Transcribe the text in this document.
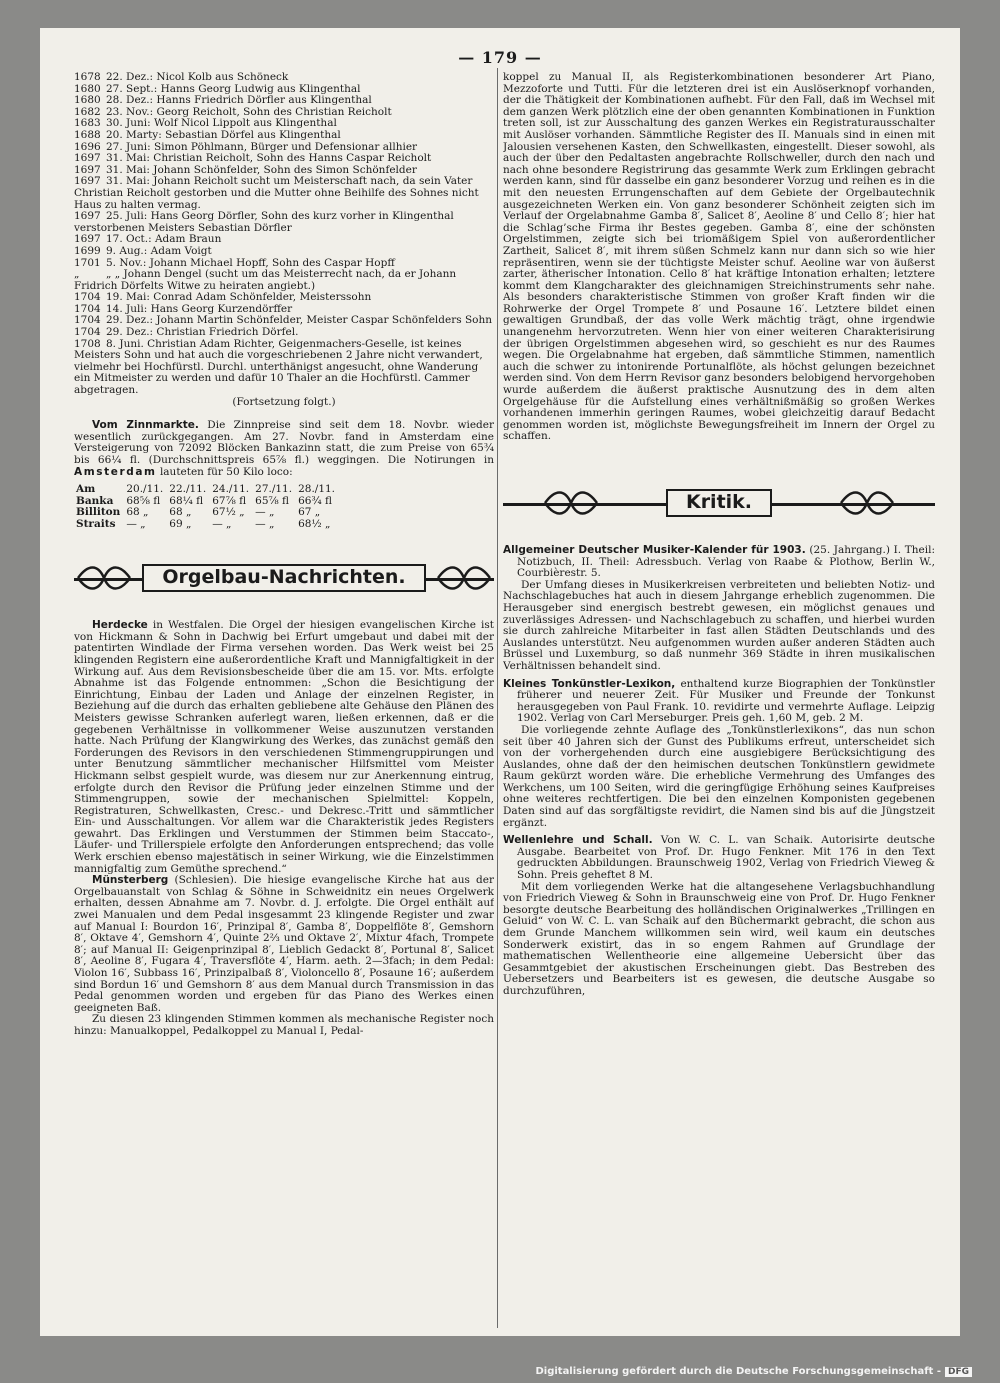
— 179 —
1678 22. Dez.: Nicol Kolb aus Schöneck
1680 27. Sept.: Hanns Georg Ludwig aus Klingenthal
1680 28. Dez.: Hanns Friedrich Dörfler aus Klingenthal
1682 23. Nov.: Georg Reicholt, Sohn des Christian Reicholt
1683 30. Juni: Wolf Nicol Lippolt aus Klingenthal
1688 20. Marty: Sebastian Dörfel aus Klingenthal
1696 27. Juni: Simon Pöhlmann, Bürger und Defensionar allhier
1697 31. Mai: Christian Reicholt, Sohn des Hanns Caspar Reicholt
1697 31. Mai: Johann Schönfelder, Sohn des Simon Schönfelder
1697 31. Mai: Johann Reicholt sucht um Meisterschaft nach, da sein Vater Christian Reicholt gestorben und die Mutter ohne Beihilfe des Sohnes nicht Haus zu halten vermag.
1697 25. Juli: Hans Georg Dörfler, Sohn des kurz vorher in Klingenthal verstorbenen Meisters Sebastian Dörfler
1697 17. Oct.: Adam Braun
1699 9. Aug.: Adam Voigt
1701 5. Nov.: Johann Michael Hopff, Sohn des Caspar Hopff
„	„ „ Johann Dengel (sucht um das Meisterrecht nach, da er Johann Fridrich Dörfelts Witwe zu heiraten angiebt.)
1704 19. Mai: Conrad Adam Schönfelder, Meisterssohn
1704 14. Juli: Hans Georg Kurzendörffer
1704 29. Dez.: Johann Martin Schönfelder, Meister Caspar Schönfelders Sohn
1704 29. Dez.: Christian Friedrich Dörfel.
1708 8. Juni. Christian Adam Richter, Geigenmachers-Geselle, ist keines Meisters Sohn und hat auch die vorgeschriebenen 2 Jahre nicht verwandert, vielmehr bei Hochfürstl. Durchl. unterthänigst angesucht, ohne Wanderung ein Mitmeister zu werden und dafür 10 Thaler an die Hochfürstl. Cammer abgetragen.

(Fortsetzung folgt.)

Vom Zinnmarkte. Die Zinnpreise sind seit dem 18. Novbr. wieder wesentlich zurückgegangen. Am 27. Novbr. fand in Amsterdam eine Versteigerung von 72092 Blöcken Bankazinn statt, die zum Preise von 65¾ bis 66¼ fl. (Durchschnittspreis 65⅞ fl.) weggingen. Die Notirungen in Amsterdam lauteten für 50 Kilo loco:

Am	20./11.	22./11.	24./11.	27./11.	28./11.
Banka	68⅝ fl	68¼ fl	67⅞ fl	65⅞ fl	66¾ fl
Billiton	68 „	68 „	67½ „	— „	67 „
Straits	— „	69 „	— „	— „	68½ „
Orgelbau-Nachrichten.

Herdecke in Westfalen. Die Orgel der hiesigen evangelischen Kirche ist von Hickmann & Sohn in Dachwig bei Erfurt umgebaut und dabei mit der patentirten Windlade der Firma versehen worden. Das Werk weist bei 25 klingenden Registern eine außerordentliche Kraft und Mannigfaltigkeit in der Wirkung auf. Aus dem Revisionsbescheide über die am 15. vor. Mts. erfolgte Abnahme ist das Folgende entnommen: „Schon die Besichtigung der Einrichtung, Einbau der Laden und Anlage der einzelnen Register, in Beziehung auf die durch das erhalten gebliebene alte Gehäuse den Plänen des Meisters gewisse Schranken auferlegt waren, ließen erkennen, daß er die gegebenen Verhältnisse in vollkommener Weise auszunutzen verstanden hatte. Nach Prüfung der Klangwirkung des Werkes, das zunächst gemäß den Forderungen des Revisors in den verschiedenen Stimmengruppirungen und unter Benutzung sämmtlicher mechanischer Hilfsmittel vom Meister Hickmann selbst gespielt wurde, was diesem nur zur Anerkennung eintrug, erfolgte durch den Revisor die Prüfung jeder einzelnen Stimme und der Stimmengruppen, sowie der mechanischen Spielmittel: Koppeln, Registraturen, Schwellkasten, Cresc.- und Dekresc.-Tritt und sämmtlicher Ein- und Ausschaltungen. Vor allem war die Charakteristik jedes Registers gewahrt. Das Erklingen und Verstummen der Stimmen beim Staccato-, Läufer- und Trillerspiele erfolgte den Anforderungen entsprechend; das volle Werk erschien ebenso majestätisch in seiner Wirkung, wie die Einzelstimmen mannigfaltig zum Gemüthe sprechend.“

Münsterberg (Schlesien). Die hiesige evangelische Kirche hat aus der Orgelbauanstalt von Schlag & Söhne in Schweidnitz ein neues Orgelwerk erhalten, dessen Abnahme am 7. Novbr. d. J. erfolgte. Die Orgel enthält auf zwei Manualen und dem Pedal insgesammt 23 klingende Register und zwar auf Manual I: Bourdon 16′, Prinzipal 8′, Gamba 8′, Doppelflöte 8′, Gemshorn 8′, Oktave 4′, Gemshorn 4′, Quinte 2⅔ und Oktave 2′, Mixtur 4fach, Trompete 8′; auf Manual II: Geigenprinzipal 8′, Lieblich Gedackt 8′, Portunal 8′, Salicet 8′, Aeoline 8′, Fugara 4′, Traversflöte 4′, Harm. aeth. 2—3fach; in dem Pedal: Violon 16′, Subbass 16′, Prinzipalbaß 8′, Violoncello 8′, Posaune 16′; außerdem sind Bordun 16′ und Gemshorn 8′ aus dem Manual durch Transmission in das Pedal genommen worden und ergeben für das Piano des Werkes einen geeigneten Baß.

Zu diesen 23 klingenden Stimmen kommen als mechanische Register noch hinzu: Manualkoppel, Pedalkoppel zu Manual I, Pedal-

koppel zu Manual II, als Registerkombinationen besonderer Art Piano, Mezzoforte und Tutti. Für die letzteren drei ist ein Auslöserknopf vorhanden, der die Thätigkeit der Kombinationen aufhebt. Für den Fall, daß im Wechsel mit dem ganzen Werk plötzlich eine der oben genannten Kombinationen in Funktion treten soll, ist zur Ausschaltung des ganzen Werkes ein Registraturausschalter mit Auslöser vorhanden. Sämmtliche Register des II. Manuals sind in einen mit Jalousien versehenen Kasten, den Schwellkasten, eingestellt. Dieser sowohl, als auch der über den Pedaltasten angebrachte Rollschweller, durch den nach und nach ohne besondere Registrirung das gesammte Werk zum Erklingen gebracht werden kann, sind für dasselbe ein ganz besonderer Vorzug und reihen es in die mit den neuesten Errungenschaften auf dem Gebiete der Orgelbautechnik ausgezeichneten Werken ein. Von ganz besonderer Schönheit zeigten sich im Verlauf der Orgelabnahme Gamba 8′, Salicet 8′, Aeoline 8′ und Cello 8′; hier hat die Schlag’sche Firma ihr Bestes gegeben. Gamba 8′, eine der schönsten Orgelstimmen, zeigte sich bei triomäßigem Spiel von außerordentlicher Zartheit, Salicet 8′, mit ihrem süßen Schmelz kann nur dann sich so wie hier repräsentiren, wenn sie der tüchtigste Meister schuf. Aeoline war von äußerst zarter, ätherischer Intonation. Cello 8′ hat kräftige Intonation erhalten; letztere kommt dem Klangcharakter des gleichnamigen Streichinstruments sehr nahe. Als besonders charakteristische Stimmen von großer Kraft finden wir die Rohrwerke der Orgel Trompete 8′ und Posaune 16′. Letztere bildet einen gewaltigen Grundbaß, der das volle Werk mächtig trägt, ohne irgendwie unangenehm hervorzutreten. Wenn hier von einer weiteren Charakterisirung der übrigen Orgelstimmen abgesehen wird, so geschieht es nur des Raumes wegen. Die Orgelabnahme hat ergeben, daß sämmtliche Stimmen, namentlich auch die schwer zu intonirende Portunalflöte, als höchst gelungen bezeichnet werden sind. Von dem Herrn Revisor ganz besonders belobigend hervorgehoben wurde außerdem die äußerst praktische Ausnutzung des in dem alten Orgelgehäuse für die Aufstellung eines verhältnißmäßig so großen Werkes vorhandenen immerhin geringen Raumes, wobei gleichzeitig darauf Bedacht genommen worden ist, möglichste Bewegungsfreiheit im Innern der Orgel zu schaffen.

Kritik.

Allgemeiner Deutscher Musiker-Kalender für 1903. (25. Jahrgang.) I. Theil: Notizbuch, II. Theil: Adressbuch. Verlag von Raabe & Plothow, Berlin W., Courbièrestr. 5.

Der Umfang dieses in Musikerkreisen verbreiteten und beliebten Notiz- und Nachschlagebuches hat auch in diesem Jahrgange erheblich zugenommen. Die Herausgeber sind energisch bestrebt gewesen, ein möglichst genaues und zuverlässiges Adressen- und Nachschlagebuch zu schaffen, und hierbei wurden sie durch zahlreiche Mitarbeiter in fast allen Städten Deutschlands und des Auslandes unterstützt. Neu aufgenommen wurden außer anderen Städten auch Brüssel und Luxemburg, so daß nunmehr 369 Städte in ihren musikalischen Verhältnissen behandelt sind.

Kleines Tonkünstler-Lexikon, enthaltend kurze Biographien der Tonkünstler früherer und neuerer Zeit. Für Musiker und Freunde der Tonkunst herausgegeben von Paul Frank. 10. revidirte und vermehrte Auflage. Leipzig 1902. Verlag von Carl Merseburger. Preis geh. 1,60 M, geb. 2 M.

Die vorliegende zehnte Auflage des „Tonkünstlerlexikons“, das nun schon seit über 40 Jahren sich der Gunst des Publikums erfreut, unterscheidet sich von der vorhergehenden durch eine ausgiebigere Berücksichtigung des Auslandes, ohne daß der den heimischen deutschen Tonkünstlern gewidmete Raum gekürzt worden wäre. Die erhebliche Vermehrung des Umfanges des Werkchens, um 100 Seiten, wird die geringfügige Erhöhung seines Kaufpreises ohne weiteres rechtfertigen. Die bei den einzelnen Komponisten gegebenen Daten sind auf das sorgfältigste revidirt, die Namen sind bis auf die Jüngstzeit ergänzt.

Wellenlehre und Schall. Von W. C. L. van Schaik. Autorisirte deutsche Ausgabe. Bearbeitet von Prof. Dr. Hugo Fenkner. Mit 176 in den Text gedruckten Abbildungen. Braunschweig 1902, Verlag von Friedrich Vieweg & Sohn. Preis geheftet 8 M.

Mit dem vorliegenden Werke hat die altangesehene Verlagsbuchhandlung von Friedrich Vieweg & Sohn in Braunschweig eine von Prof. Dr. Hugo Fenkner besorgte deutsche Bearbeitung des holländischen Originalwerkes „Trillingen en Geluid“ von W. C. L. van Schaik auf den Büchermarkt gebracht, die schon aus dem Grunde Manchem willkommen sein wird, weil kaum ein deutsches Sonderwerk existirt, das in so engem Rahmen auf Grundlage der mathematischen Wellentheorie eine allgemeine Uebersicht über das Gesammtgebiet der akustischen Erscheinungen giebt. Das Bestreben des Uebersetzers und Bearbeiters ist es gewesen, die deutsche Ausgabe so durchzuführen,

Digitalisierung gefördert durch die Deutsche Forschungsgemeinschaft - DFG
